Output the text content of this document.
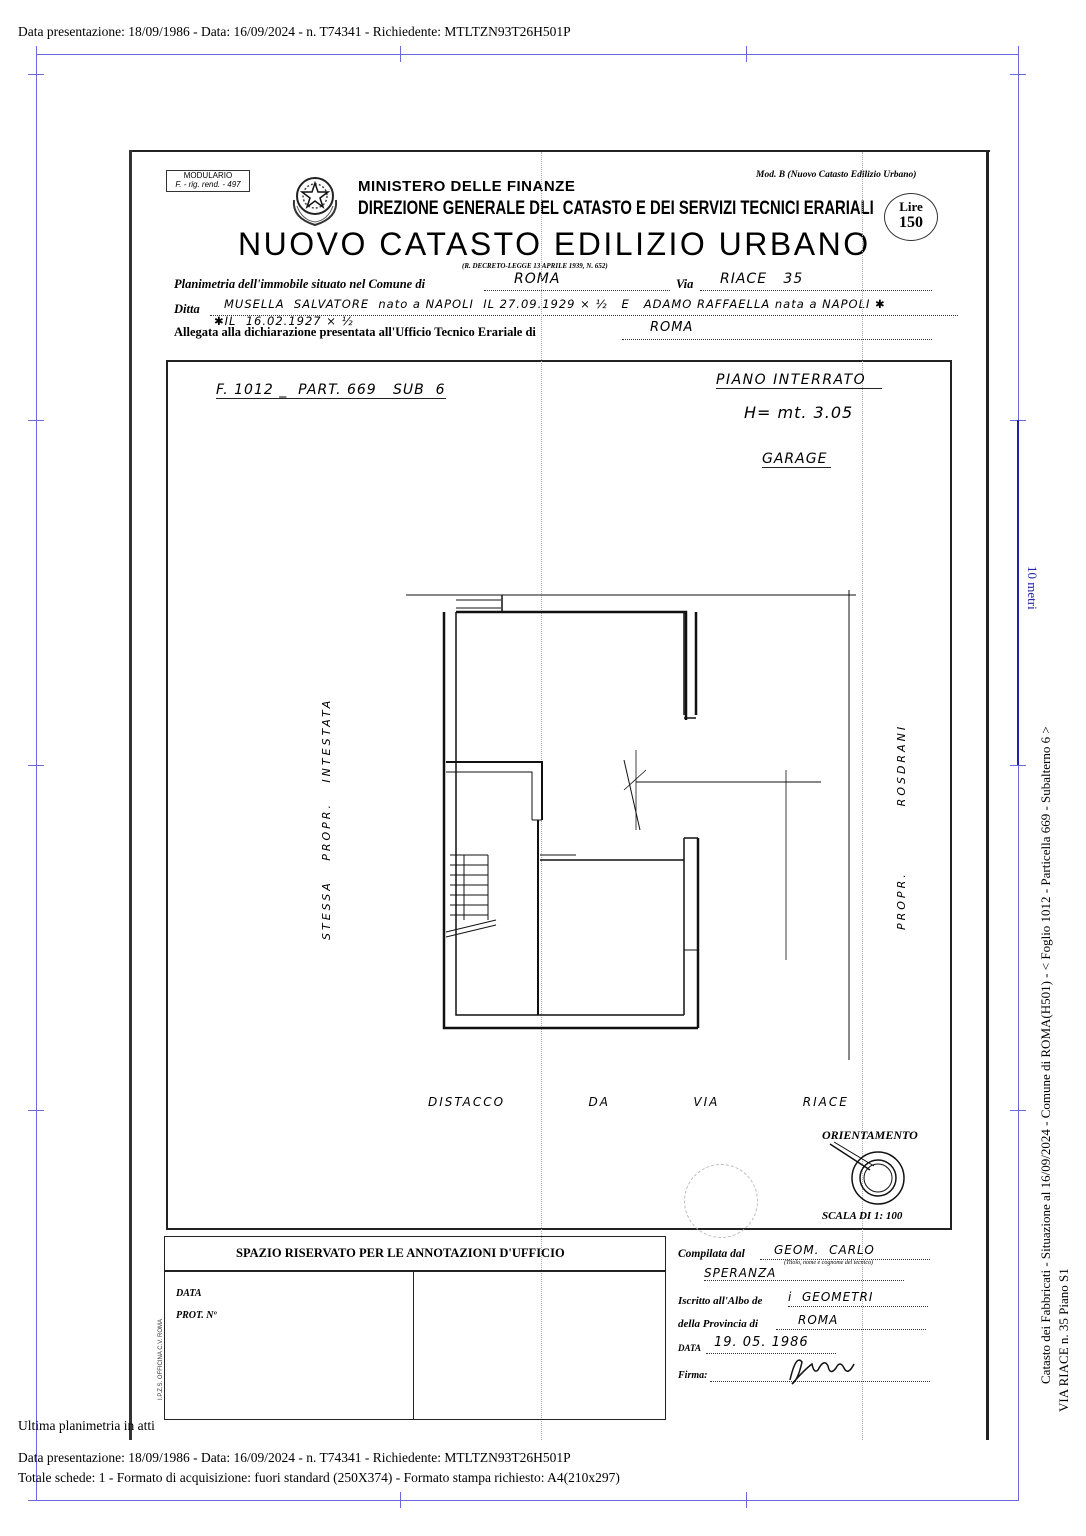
Data presentazione: 18/09/1986 - Data: 16/09/2024 - n. T74341 - Richiedente: MTLTZN93T26H501P
10 metri
Catasto dei Fabbricati - Situazione al 16/09/2024 - Comune di ROMA(H501) - < Foglio 1012 - Particella 669 - Subalterno 6 > VIA RIACE n. 35 Piano S1
MODULARIO
F. - rig. rend. - 497
Mod. B (Nuovo Catasto Edilizio Urbano)
MINISTERO DELLE FINANZE
DIREZIONE GENERALE DEL CATASTO E DEI SERVIZI TECNICI ERARIALI	Lire
150
NUOVO CATASTO EDILIZIO URBANO
(R. DECRETO-LEGGE 13 APRILE 1939, N. 652)
Planimetria dell'immobile situato nel Comune di	ROMA	Via RIACE   35
Ditta MUSELLA  SALVATORE  nato a NAPOLI  IL 27.09.1929 × ½   E   ADAMO RAFFAELLA nata a NAPOLI ✱
✱IL  16.02.1927 × ½
Allegata alla dichiarazione presentata all'Ufficio Tecnico Erariale di	ROMA
F. 1012 _  PART. 669   SUB  6
PIANO INTERRATO
H= mt. 3.05
GARAGE
STESSA   PROPR.   INTESTATA	PROPR.          ROSDRANI
DISTACCO   DA   VIA   RIACE
ORIENTAMENTO
SCALA DI 1: 100
SPAZIO RISERVATO PER LE ANNOTAZIONI D'UFFICIO
DATA
PROT. Nº
I.P.Z.S. OFFICINA C.V. ROMA
Compilata dal GEOM.  CARLO
(Titolo, nome e cognome del tecnico)
SPERANZA
Iscritto all'Albo de i  GEOMETRI
della Provincia di	ROMA
DATA 19. 05. 1986
Firma:
Ultima planimetria in atti
Data presentazione: 18/09/1986 - Data: 16/09/2024 - n. T74341 - Richiedente: MTLTZN93T26H501P
Totale schede: 1 - Formato di acquisizione: fuori standard (250X374) - Formato stampa richiesto: A4(210x297)
